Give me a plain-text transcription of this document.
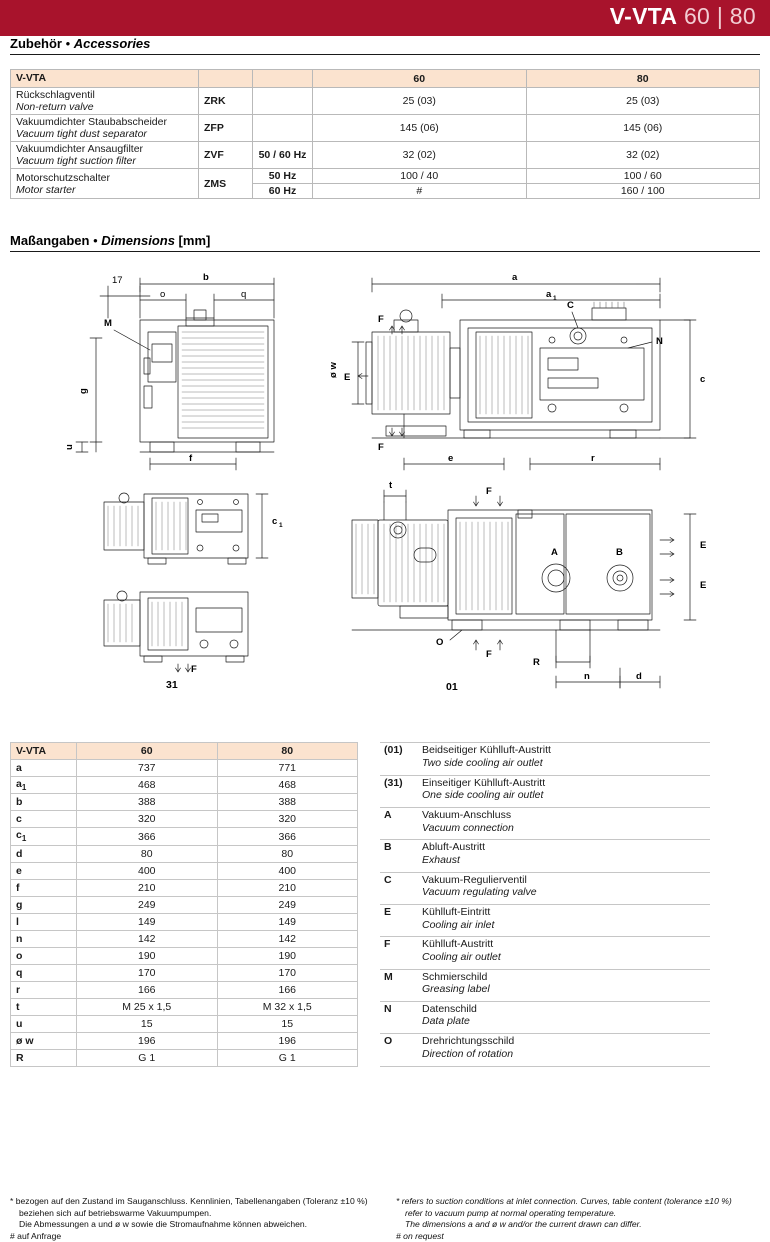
V-VTA 60 | 80
Zubehör • Accessories
V-VTA			60	80
Rückschlagventil
Non-return valve	ZRK		25 (03)	25 (03)
Vakuumdichter Staubabscheider
Vacuum tight dust separator	ZFP		145 (06)	145 (06)
Vakuumdichter Ansaugfilter
Vacuum tight suction filter	ZVF	50 / 60 Hz	32 (02)	32 (02)
Motorschutzschalter
Motor starter	ZMS	50 Hz	100 / 40	100 / 60
		60 Hz	#	160 / 100
Maßangaben • Dimensions [mm]
17	b
o	q
M
g
u
f
a
a 1
C
N
c
F
F
E
ø w
e	r
c 1
F
31
t
F
F
E
E
A	B
O
R
n	d
01
V-VTA	60	80
a	737	771
$a_1$	468	468
b	388	388
c	320	320
$c_1$	366	366
d	80	80
e	400	400
f	210	210
g	249	249
l	149	149
n	142	142
o	190	190
q	170	170
r	166	166
t	M 25 x 1,5	M 32 x 1,5
u	15	15
ø w	196	196
R	G 1	G 1
(01)	Beidseitiger Kühlluft-Austritt
Two side cooling air outlet

(31)	Einseitiger Kühlluft-Austritt
One side cooling air outlet

A	Vakuum-Anschluss
Vacuum connection

B	Abluft-Austritt
Exhaust

C	Vakuum-Regulierventil
Vacuum regulating valve

E	Kühlluft-Eintritt
Cooling air inlet

F	Kühlluft-Austritt
Cooling air outlet

M	Schmierschild
Greasing label

N	Datenschild
Data plate

O	Drehrichtungsschild
Direction of rotation

* bezogen auf den Zustand im Sauganschluss. Kennlinien, Tabellenangaben (Toleranz ±10 %)

beziehen sich auf betriebswarme Vakuumpumpen.

Die Abmessungen a und ø w sowie die Stromaufnahme können abweichen.

# auf Anfrage

* refers to suction conditions at inlet connection. Curves, table content (tolerance ±10 %)

refer to vacuum pump at normal operating temperature.

The dimensions a and ø w and/or the current drawn can differ.

# on request
